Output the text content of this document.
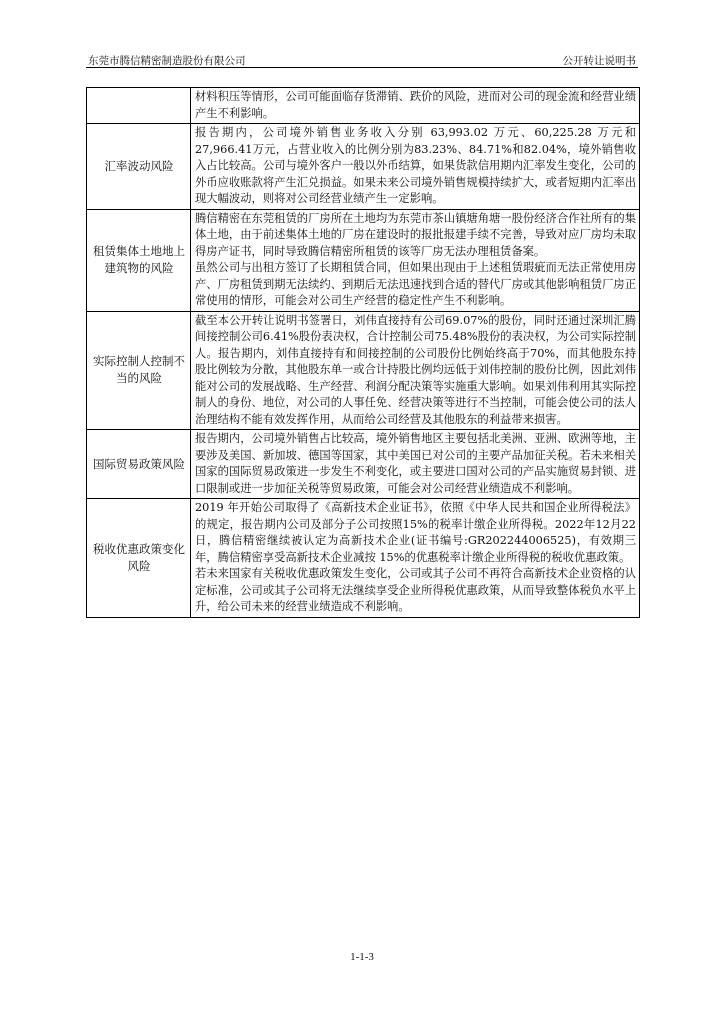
东莞市腾信精密制造股份有限公司	公开转让说明书

	材料积压等情形，公司可能面临存货滞销、跌价的风险，进而对公司的现金流和经营业绩产生不利影响。

汇率波动风险	报告期内，公司境外销售业务收入分别 63,993.02 万元、60,225.28 万元和27,966.41万元，占营业收入的比例分别为83.23%、84.71%和82.04%，境外销售收入占比较高。公司与境外客户一般以外币结算，如果货款信用期内汇率发生变化，公司的外币应收账款将产生汇兑损益。如果未来公司境外销售规模持续扩大，或者短期内汇率出现大幅波动，则将对公司经营业绩产生一定影响。

租赁集体土地地上建筑物的风险	腾信精密在东莞租赁的厂房所在土地均为东莞市茶山镇塘角塘一股份经济合作社所有的集体土地，由于前述集体土地的厂房在建设时的报批报建手续不完善，导致对应厂房均未取得房产证书，同时导致腾信精密所租赁的该等厂房无法办理租赁备案。

虽然公司与出租方签订了长期租赁合同，但如果出现由于上述租赁瑕疵而无法正常使用房产、厂房租赁到期无法续约、到期后无法迅速找到合适的替代厂房或其他影响租赁厂房正常使用的情形，可能会对公司生产经营的稳定性产生不利影响。

实际控制人控制不当的风险	截至本公开转让说明书签署日，刘伟直接持有公司69.07%的股份，同时还通过深圳汇腾间接控制公司6.41%股份表决权，合计控制公司75.48%股份的表决权，为公司实际控制人。报告期内，刘伟直接持有和间接控制的公司股份比例始终高于70%，而其他股东持股比例较为分散，其他股东单一或合计持股比例均远低于刘伟控制的股份比例，因此刘伟能对公司的发展战略、生产经营、利润分配决策等实施重大影响。如果刘伟利用其实际控制人的身份、地位，对公司的人事任免、经营决策等进行不当控制，可能会使公司的法人治理结构不能有效发挥作用，从而给公司经营及其他股东的利益带来损害。

国际贸易政策风险	报告期内，公司境外销售占比较高，境外销售地区主要包括北美洲、亚洲、欧洲等地，主要涉及美国、新加坡、德国等国家，其中美国已对公司的主要产品加征关税。若未来相关国家的国际贸易政策进一步发生不利变化，或主要进口国对公司的产品实施贸易封锁、进口限制或进一步加征关税等贸易政策，可能会对公司经营业绩造成不利影响。

税收优惠政策变化风险	2019 年开始公司取得了《高新技术企业证书》，依照《中华人民共和国企业所得税法》的规定，报告期内公司及部分子公司按照15%的税率计缴企业所得税。2022年12月22日，腾信精密继续被认定为高新技术企业(证书编号:GR202244006525)，有效期三年，腾信精密享受高新技术企业减按 15%的优惠税率计缴企业所得税的税收优惠政策。

若未来国家有关税收优惠政策发生变化，公司或其子公司不再符合高新技术企业资格的认定标准，公司或其子公司将无法继续享受企业所得税优惠政策，从而导致整体税负水平上升，给公司未来的经营业绩造成不利影响。

1-1-3
